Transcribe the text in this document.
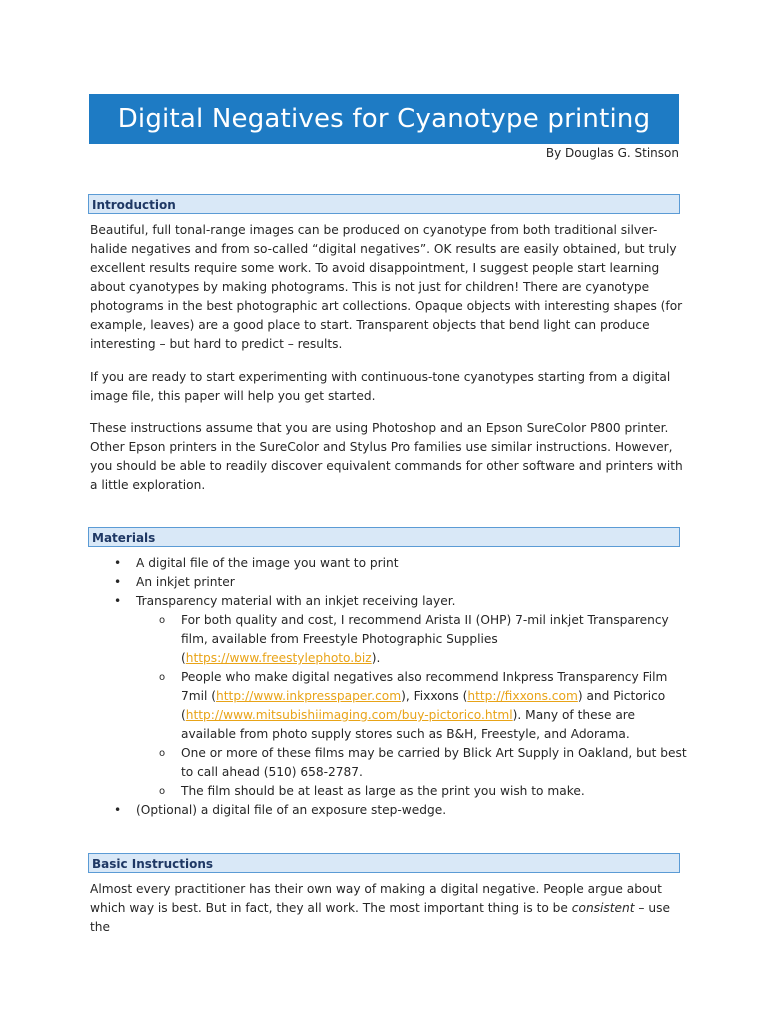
Digital Negatives for Cyanotype printing
By Douglas G. Stinson
Introduction

Beautiful, full tonal-range images can be produced on cyanotype from both traditional silver-halide negatives and from so-called “digital negatives”. OK results are easily obtained, but truly excellent results require some work. To avoid disappointment, I suggest people start learning about cyanotypes by making photograms. This is not just for children! There are cyanotype photograms in the best photographic art collections. Opaque objects with interesting shapes (for example, leaves) are a good place to start. Transparent objects that bend light can produce interesting – but hard to predict – results.

If you are ready to start experimenting with continuous-tone cyanotypes starting from a digital image file, this paper will help you get started.

These instructions assume that you are using Photoshop and an Epson SureColor P800 printer. Other Epson printers in the SureColor and Stylus Pro families use similar instructions. However, you should be able to readily discover equivalent commands for other software and printers with a little exploration.

Materials
• A digital file of the image you want to print
• An inkjet printer
• Transparency material with an inkjet receiving layer.
o For both quality and cost, I recommend Arista II (OHP) 7-mil inkjet Transparency film, available from Freestyle Photographic Supplies (https://www.freestylephoto.biz).
o People who make digital negatives also recommend Inkpress Transparency Film 7mil (http://www.inkpresspaper.com), Fixxons (http://fixxons.com) and Pictorico (http://www.mitsubishiimaging.com/buy-pictorico.html). Many of these are available from photo supply stores such as B&H, Freestyle, and Adorama.
o One or more of these films may be carried by Blick Art Supply in Oakland, but best to call ahead (510) 658-2787.
o The film should be at least as large as the print you wish to make.
• (Optional) a digital file of an exposure step-wedge.
Basic Instructions

Almost every practitioner has their own way of making a digital negative. People argue about which way is best. But in fact, they all work. The most important thing is to be consistent – use the
